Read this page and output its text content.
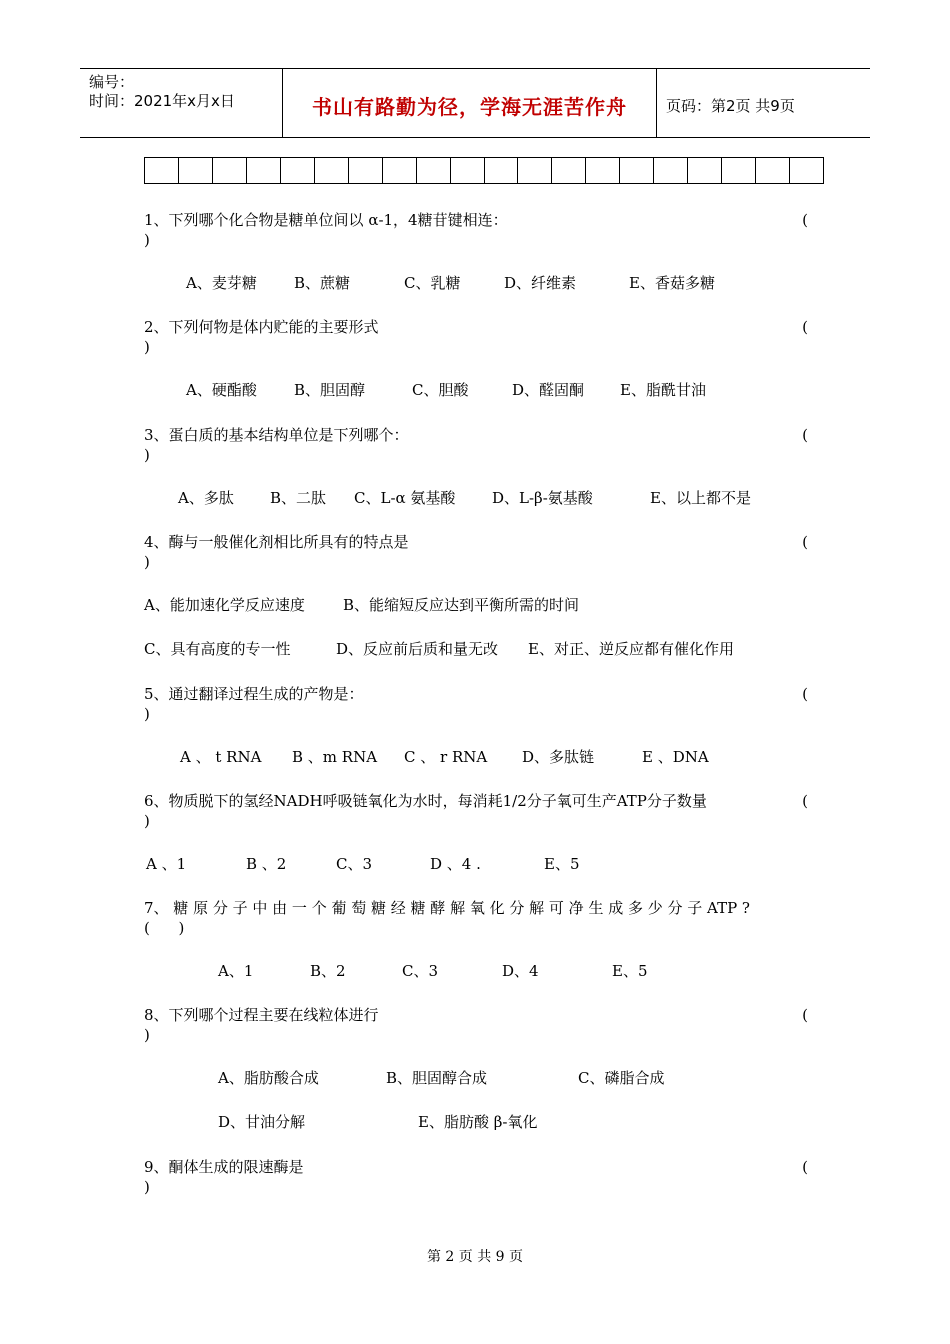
编号：
时间：2021年x月x日	书山有路勤为径，学海无涯苦作舟	页码：第2页 共9页
1、下列哪个化合物是糖单位间以 α-1，4糖苷键相连：	(
)
A、麦芽糖 B、蔗糖	C、乳糖	D、纤维素	E、香菇多糖
2、下列何物是体内贮能的主要形式	(
)
A、硬酯酸 B、胆固醇	C、胆酸	D、醛固酮 E、脂酰甘油
3、蛋白质的基本结构单位是下列哪个：	(
)
A、多肽 B、二肽 C、L-α 氨基酸 D、L-β-氨基酸	E、以上都不是
4、酶与一般催化剂相比所具有的特点是	(
)
A、能加速化学反应速度	B、能缩短反应达到平衡所需的时间
C、具有高度的专一性	D、反应前后质和量无改 E、对正、逆反应都有催化作用
5、通过翻译过程生成的产物是：	(
)
A 、 t RNA B 、m RNA C 、 r RNA D、多肽链	E 、DNA
6、物质脱下的氢经NADH呼吸链氧化为水时，每消耗1/2分子氧可生产ATP分子数量	(
)
A 、1	B 、2	C、3	D 、4 .	E、5
7、 糖 原 分 子 中 由 一 个 葡 萄 糖 经 糖 酵 解 氧 化 分 解 可 净 生 成 多 少 分 子 ATP ?
(      )
A、1	B、2	C、3	D、4	E、5
8、下列哪个过程主要在线粒体进行	(
)
A、脂肪酸合成	B、胆固醇合成	C、磷脂合成
D、甘油分解	E、脂肪酸 β-氧化
9、酮体生成的限速酶是	(
)
第 2 页 共 9 页
